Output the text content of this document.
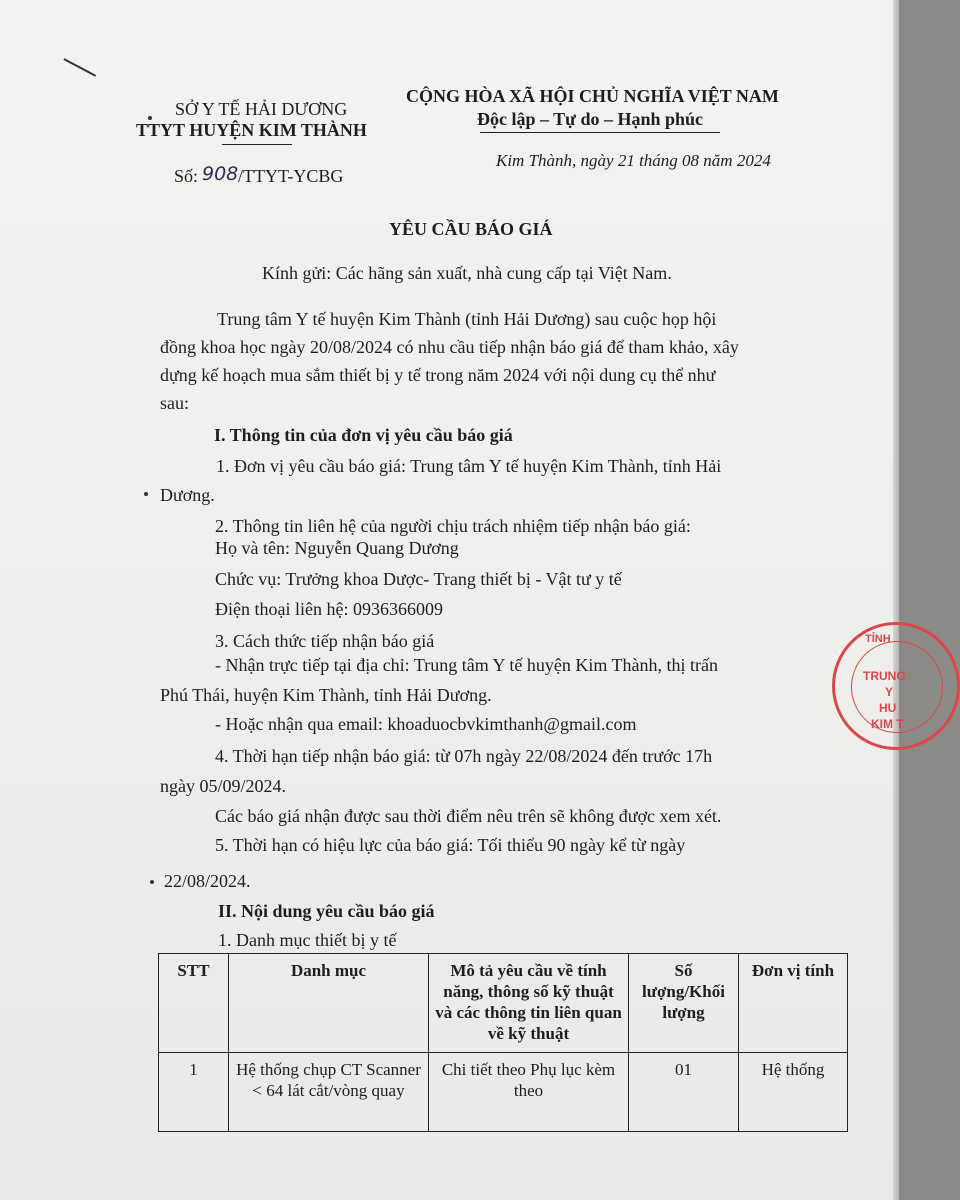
SỞ Y TẾ HẢI DƯƠNG
TTYT HUYỆN KIM THÀNH
Số: 908 /TTYT-YCBG
CỘNG HÒA XÃ HỘI CHỦ NGHĨA VIỆT NAM
Độc lập – Tự do – Hạnh phúc
Kim Thành, ngày 21 tháng 08 năm 2024
YÊU CẦU BÁO GIÁ
Kính gửi: Các hãng sản xuất, nhà cung cấp tại Việt Nam.
Trung tâm Y tế huyện Kim Thành (tỉnh Hải Dương) sau cuộc họp hội
đồng khoa học ngày 20/08/2024 có nhu cầu tiếp nhận báo giá để tham khảo, xây
dựng kế hoạch mua sắm thiết bị y tế trong năm 2024 với nội dung cụ thể như
sau:
I. Thông tin của đơn vị yêu cầu báo giá
1. Đơn vị yêu cầu báo giá: Trung tâm Y tế huyện Kim Thành, tỉnh Hải
Dương.
2. Thông tin liên hệ của người chịu trách nhiệm tiếp nhận báo giá:
Họ và tên: Nguyễn Quang Dương
Chức vụ: Trưởng khoa Dược- Trang thiết bị - Vật tư y tế
Điện thoại liên hệ: 0936366009
3. Cách thức tiếp nhận báo giá
- Nhận trực tiếp tại địa chỉ: Trung tâm Y tế huyện Kim Thành, thị trấn
Phú Thái, huyện Kim Thành, tỉnh Hải Dương.
- Hoặc nhận qua email: khoaduocbvkimthanh@gmail.com
4. Thời hạn tiếp nhận báo giá: từ 07h ngày 22/08/2024 đến trước 17h
ngày 05/09/2024.
Các báo giá nhận được sau thời điểm nêu trên sẽ không được xem xét.
5. Thời hạn có hiệu lực của báo giá: Tối thiểu 90 ngày kể từ ngày
22/08/2024.
II. Nội dung yêu cầu báo giá
1. Danh mục thiết bị y tế
STT	Danh mục	Mô tả yêu cầu về tính năng, thông số kỹ thuật và các thông tin liên quan về kỹ thuật	Số lượng/Khối lượng	Đơn vị tính
1	Hệ thống chụp CT Scanner < 64 lát cắt/vòng quay	Chi tiết theo Phụ lục kèm theo	01	Hệ thống
TỈNH
TRUNG
Y
HU
KIM T
